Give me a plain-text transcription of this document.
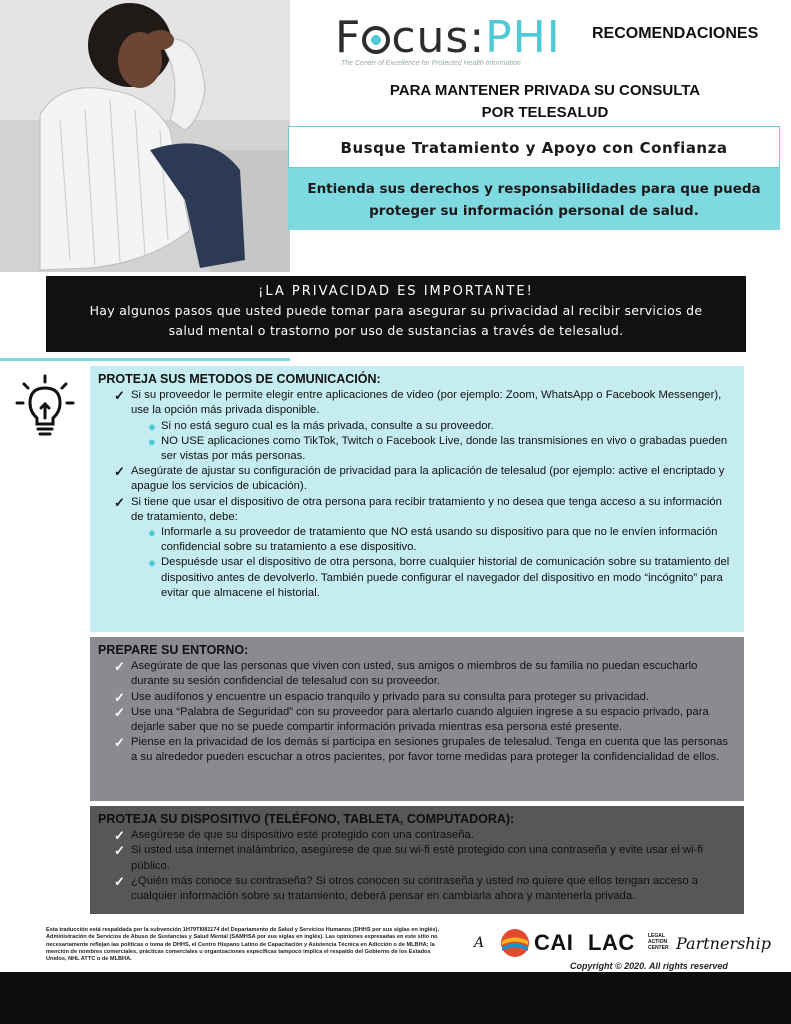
F cus:PHI
The Center of Excellence for Protected Health Information
RECOMENDACIONES
PARA MANTENER PRIVADA SU CONSULTA
POR TELESALUD
Busque Tratamiento y Apoyo con Confianza
Entienda sus derechos y responsabilidades para que pueda
proteger su información personal de salud.
¡LA PRIVACIDAD ES IMPORTANTE!
Hay algunos pasos que usted puede tomar para asegurar su privacidad al recibir servicios de
salud mental o trastorno por uso de sustancias a través de telesalud.
PROTEJA SUS METODOS DE COMUNICACIÓN:
✓ Si su proveedor le permite elegir entre aplicaciones de video (por ejemplo: Zoom, WhatsApp o Facebook Messenger), use la opción más privada disponible.
● Si no está seguro cual es la más privada, consulte a su proveedor.
● NO USE aplicaciones como TikTok, Twitch o Facebook Live, donde las transmisiones en vivo o grabadas pueden ser vistas por más personas.
✓ Asegúrate de ajustar su configuración de privacidad para la aplicación de telesalud (por ejemplo: active el encriptado y apague los servicios de ubicación).
✓ Si tiene que usar el dispositivo de otra persona para recibir tratamiento y no desea que tenga acceso a su información de tratamiento, debe:
● Informarle a su proveedor de tratamiento que NO está usando su dispositivo para que no le envíen información confidencial sobre su tratamiento a ese dispositivo.
● Despuésde usar el dispositivo de otra persona, borre cualquier historial de comunicación sobre su tratamiento del dispositivo antes de devolverlo. También puede configurar el navegador del dispositivo en modo “incógnito” para evitar que almacene el historial.
PREPARE SU ENTORNO:
✓ Asegúrate de que las personas que viven con usted, sus amigos o miembros de su familia no puedan escucharlo durante su sesión confidencial de telesalud con su proveedor.
✓ Use audífonos y encuentre un espacio tranquilo y privado para su consulta para proteger su privacidad.
✓ Use una “Palabra de Seguridad” con su proveedor para alertarlo cuando alguien ingrese a su espacio privado, para dejarle saber que no se puede compartir información privada mientras esa persona esté presente.
✓ Piense en la privacidad de los demás si participa en sesiones grupales de telesalud. Tenga en cuenta que las personas a su alrededor pueden escuchar a otros pacientes, por favor tome medidas para proteger la confidencialidad de ellos.
PROTEJA SU DISPOSITIVO (TELÉFONO, TABLETA, COMPUTADORA):
✓ Asegúrese de que su dispositivo esté protegido con una contraseña.
✓ Si usted usa internet inalámbrico, asegúrese de que su wi-fi esté protegido con una contraseña y evite usar el wi-fi público.
✓ ¿Quién más conoce su contraseña? Si otros conocen su contraseña y usted no quiere que ellos tengan acceso a cualquier información sobre su tratamiento, deberá pensar en cambiarla ahora y mantenerla privada.
Esta traducción está respaldada por la subvención 1H79TI081174 del Departamento de Salud y Servicios Humanos (DHHS por sus siglas en inglés), Administración de Servicios de Abuso de Sustancias y Salud Mental (SAMHSA por sus siglas en inglés). Las opiniones expresadas en este sitio no necesariamente reflejan las políticas o toma de DHHS, el Centro Hispano Latino de Capacitación y Asistencia Técnica en Adicción o de MLBHA; la mención de nombres comerciales, prácticas comerciales u organizaciones específicas tampoco implica el respaldo del Gobierno de los Estados Unidos, NHL ATTC o de MLBHA.
A CAI LAC	LEGAL ACTION CENTER Partnership
Copyright © 2020. All rights reserved
